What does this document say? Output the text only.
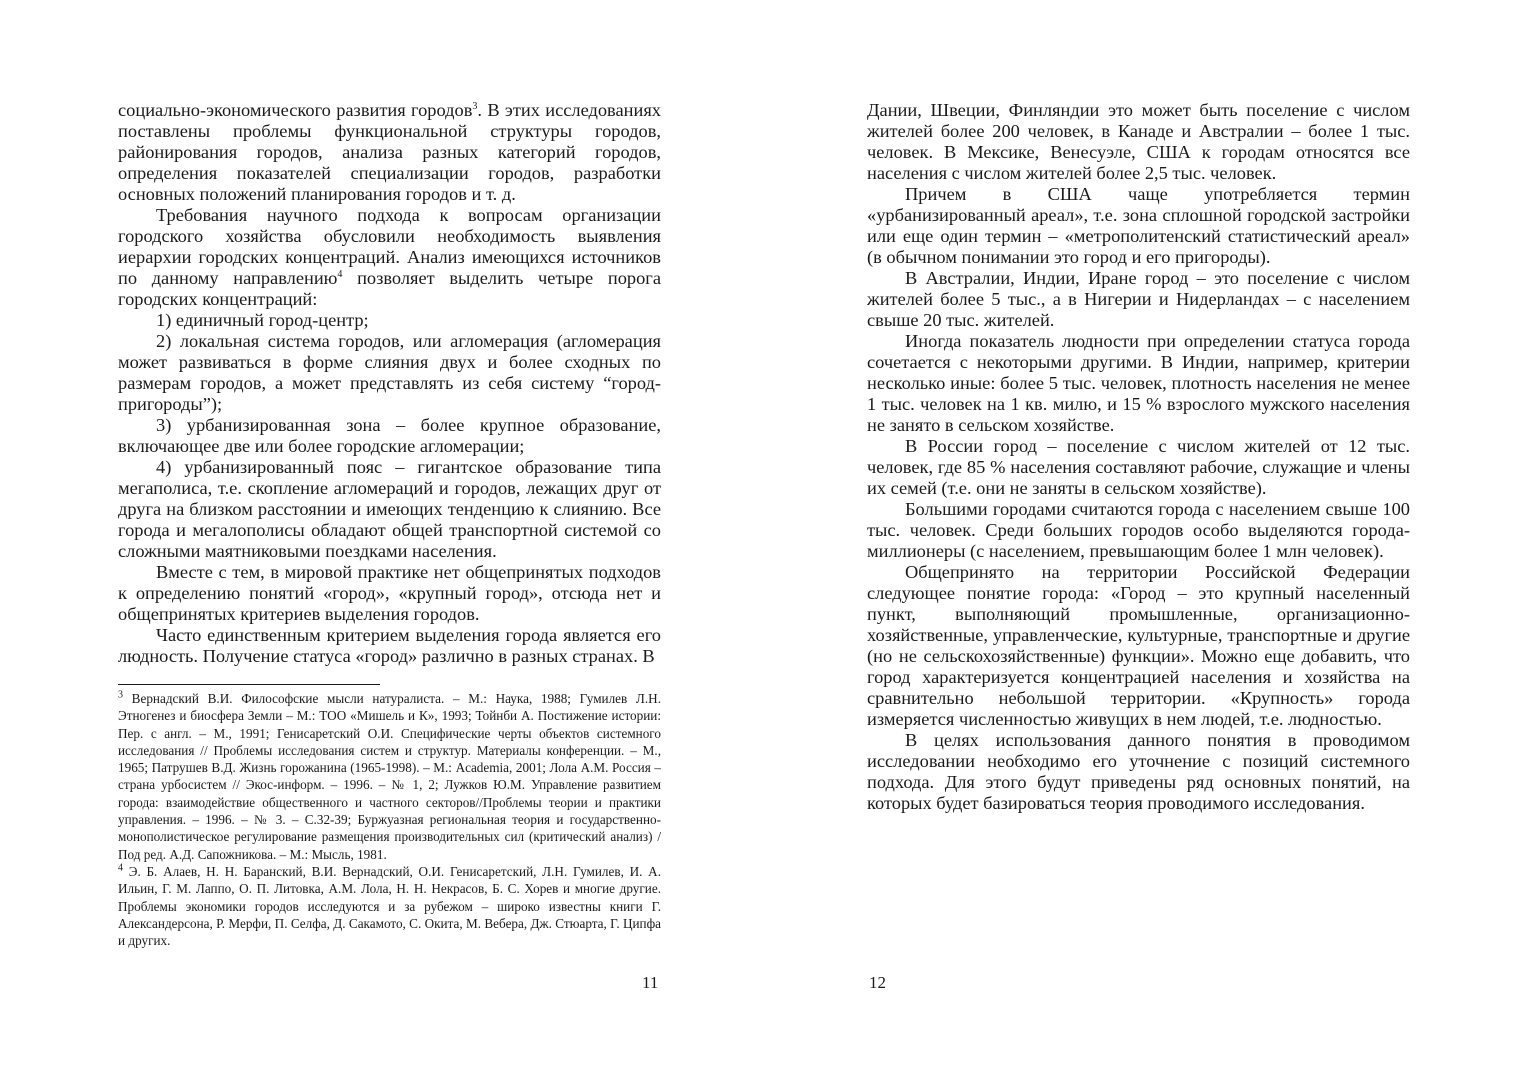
социально-экономического развития городов$^3$. В этих исследованиях поставлены проблемы функциональной структуры городов, районирования городов, анализа разных категорий городов, определения показателей специализации городов, разработки основных положений планирования городов и т. д.

Требования научного подхода к вопросам организации городского хозяйства обусловили необходимость выявления иерархии городских концентраций. Анализ имеющихся источников по данному направлению$^4$ позволяет выделить четыре порога городских концентраций:

1) единичный город-центр;

2) локальная система городов, или агломерация (агломерация может развиваться в форме слияния двух и более сходных по размерам городов, а может представлять из себя систему “город-пригороды”);

3) урбанизированная зона – более крупное образование, включающее две или более городские агломерации;

4) урбанизированный пояс – гигантское образование типа мегаполиса, т.е. скопление агломераций и городов, лежащих друг от друга на близком расстоянии и имеющих тенденцию к слиянию. Все города и мегалополисы обладают общей транспортной системой со сложными маятниковыми поездками населения.

Вместе с тем, в мировой практике нет общепринятых подходов к определению понятий «город», «крупный город», отсюда нет и общепринятых критериев выделения городов.

Часто единственным критерием выделения города является его людность. Получение статуса «город» различно в разных странах. В

$^3$ Вернадский В.И. Философские мысли натуралиста. – М.: Наука, 1988; Гумилев Л.Н. Этногенез и биосфера Земли – М.: ТОО «Мишель и К», 1993; Тойнби А. Постижение истории: Пер. с англ. – М., 1991; Генисаретский О.И. Специфические черты объектов системного исследования // Проблемы исследования систем и структур. Материалы конференции. – М., 1965; Патрушев В.Д. Жизнь горожанина (1965-1998). – М.: Academia, 2001; Лола А.М. Россия – страна урбосистем // Экос-информ. – 1996. – № 1, 2; Лужков Ю.М. Управление развитием города: взаимодействие общественного и частного секторов//Проблемы теории и практики управления. – 1996. – № 3. – С.32-39; Буржуазная региональная теория и государственно-монополистическое регулирование размещения производительных сил (критический анализ) / Под ред. А.Д. Сапожникова. – М.: Мысль, 1981.

$^4$ Э. Б. Алаев, Н. Н. Баранский, В.И. Вернадский, О.И. Генисаретский, Л.Н. Гумилев, И. А. Ильин, Г. М. Лаппо, О. П. Литовка, А.М. Лола, Н. Н. Некрасов, Б. С. Хорев и многие другие. Проблемы экономики городов исследуются и за рубежом – широко известны книги Г. Александерсона, Р. Мерфи, П. Селфа, Д. Сакамото, С. Окита, М. Вебера, Дж. Стюарта, Г. Ципфа и других.

11

Дании, Швеции, Финляндии это может быть поселение с числом жителей более 200 человек, в Канаде и Австралии – более 1 тыс. человек. В Мексике, Венесуэле, США к городам относятся все населения с числом жителей более 2,5 тыс. человек.

Причем в США чаще употребляется термин «урбанизированный ареал», т.е. зона сплошной городской застройки или еще один термин – «метрополитенский статистический ареал» (в обычном понимании это город и его пригороды).

В Австралии, Индии, Иране город – это поселение с числом жителей более 5 тыс., а в Нигерии и Нидерландах – с населением свыше 20 тыс. жителей.

Иногда показатель людности при определении статуса города сочетается с некоторыми другими. В Индии, например, критерии несколько иные: более 5 тыс. человек, плотность населения не менее 1 тыс. человек на 1 кв. милю, и 15 % взрослого мужского населения не занято в сельском хозяйстве.

В России город – поселение с числом жителей от 12 тыс. человек, где 85 % населения составляют рабочие, служащие и члены их семей (т.е. они не заняты в сельском хозяйстве).

Большими городами считаются города с населением свыше 100 тыс. человек. Среди больших городов особо выделяются города-миллионеры (с населением, превышающим более 1 млн человек).

Общепринято на территории Российской Федерации следующее понятие города: «Город – это крупный населенный пункт, выполняющий промышленные, организационно-хозяйственные, управленческие, культурные, транспортные и другие (но не сельскохозяйственные) функции». Можно еще добавить, что город характеризуется концентрацией населения и хозяйства на сравнительно небольшой территории. «Крупность» города измеряется численностью живущих в нем людей, т.е. людностью.

В целях использования данного понятия в проводимом исследовании необходимо его уточнение с позиций системного подхода. Для этого будут приведены ряд основных понятий, на которых будет базироваться теория проводимого исследования.

12
